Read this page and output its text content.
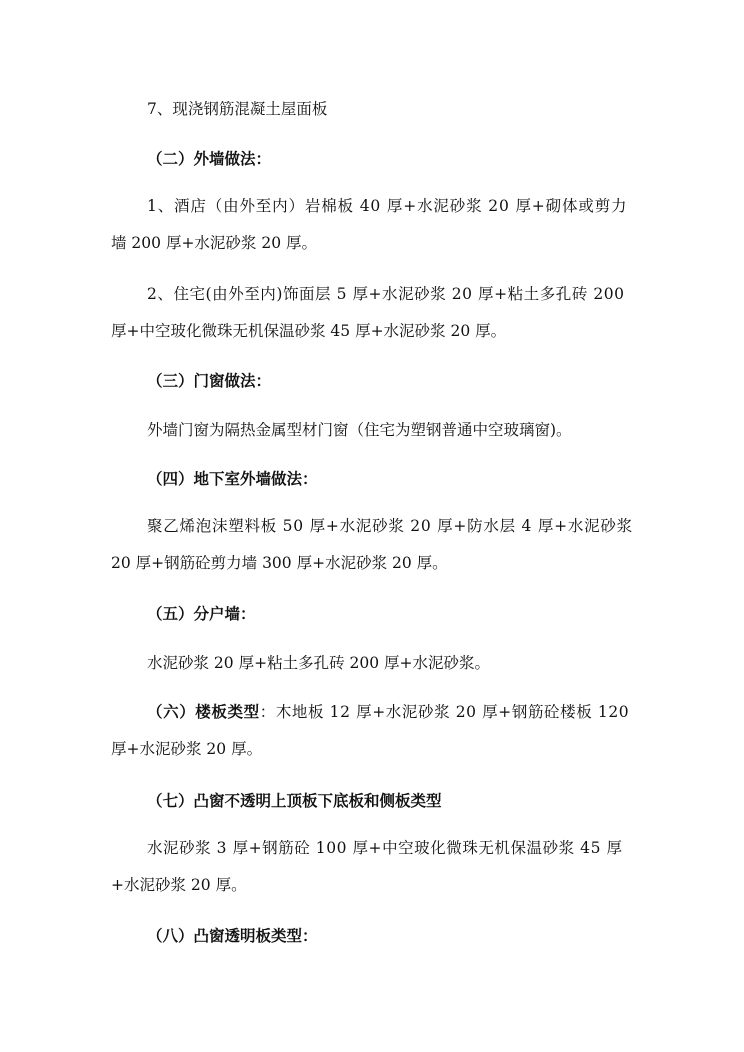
7、现浇钢筋混凝土屋面板
（二）外墙做法：
1、酒店（由外至内）岩棉板 40 厚+水泥砂浆 20 厚+砌体或剪力
墙 200 厚+水泥砂浆 20 厚。
2、住宅(由外至内)饰面层 5 厚+水泥砂浆 20 厚+粘土多孔砖 200
厚+中空玻化微珠无机保温砂浆 45 厚+水泥砂浆 20 厚。
（三）门窗做法：
外墙门窗为隔热金属型材门窗（住宅为塑钢普通中空玻璃窗)。
（四）地下室外墙做法：
聚乙烯泡沫塑料板 50 厚+水泥砂浆 20 厚+防水层 4 厚+水泥砂浆
20 厚+钢筋砼剪力墙 300 厚+水泥砂浆 20 厚。
（五）分户墙：
水泥砂浆 20 厚+粘土多孔砖 200 厚+水泥砂浆。
（六）楼板类型：木地板 12 厚+水泥砂浆 20 厚+钢筋砼楼板 120
厚+水泥砂浆 20 厚。
（七）凸窗不透明上顶板下底板和侧板类型
水泥砂浆 3 厚+钢筋砼 100 厚+中空玻化微珠无机保温砂浆 45 厚
+水泥砂浆 20 厚。
（八）凸窗透明板类型：
